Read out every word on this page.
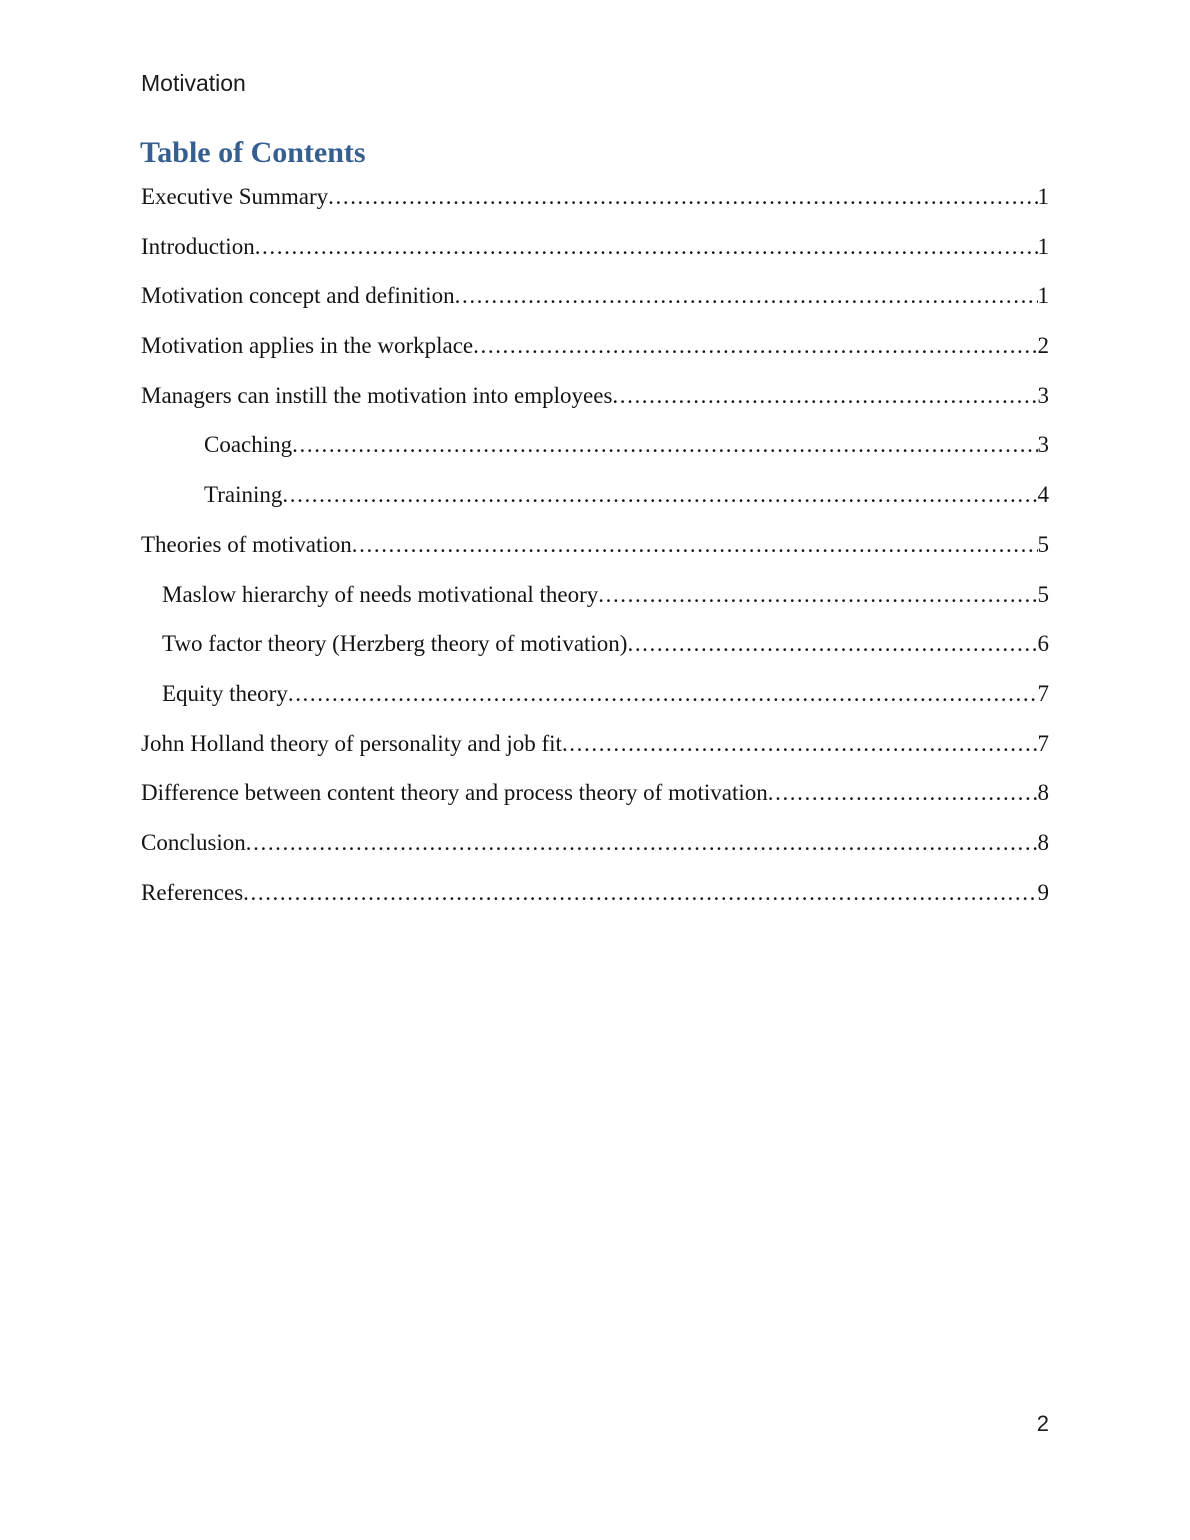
Motivation
Table of Contents
Executive Summary .....	1
Introduction .....	1
Motivation concept and definition .....	1
Motivation applies in the workplace .....	2
Managers can instill the motivation into employees .....	3
Coaching .....	3
Training .....	4
Theories of motivation .....	5
Maslow hierarchy of needs motivational theory .....	5
Two factor theory (Herzberg theory of motivation) .....	6
Equity theory .....	7
John Holland theory of personality and job fit .....	7
Difference between content theory and process theory of motivation .....	8
Conclusion .....	8
References .....	9
2
